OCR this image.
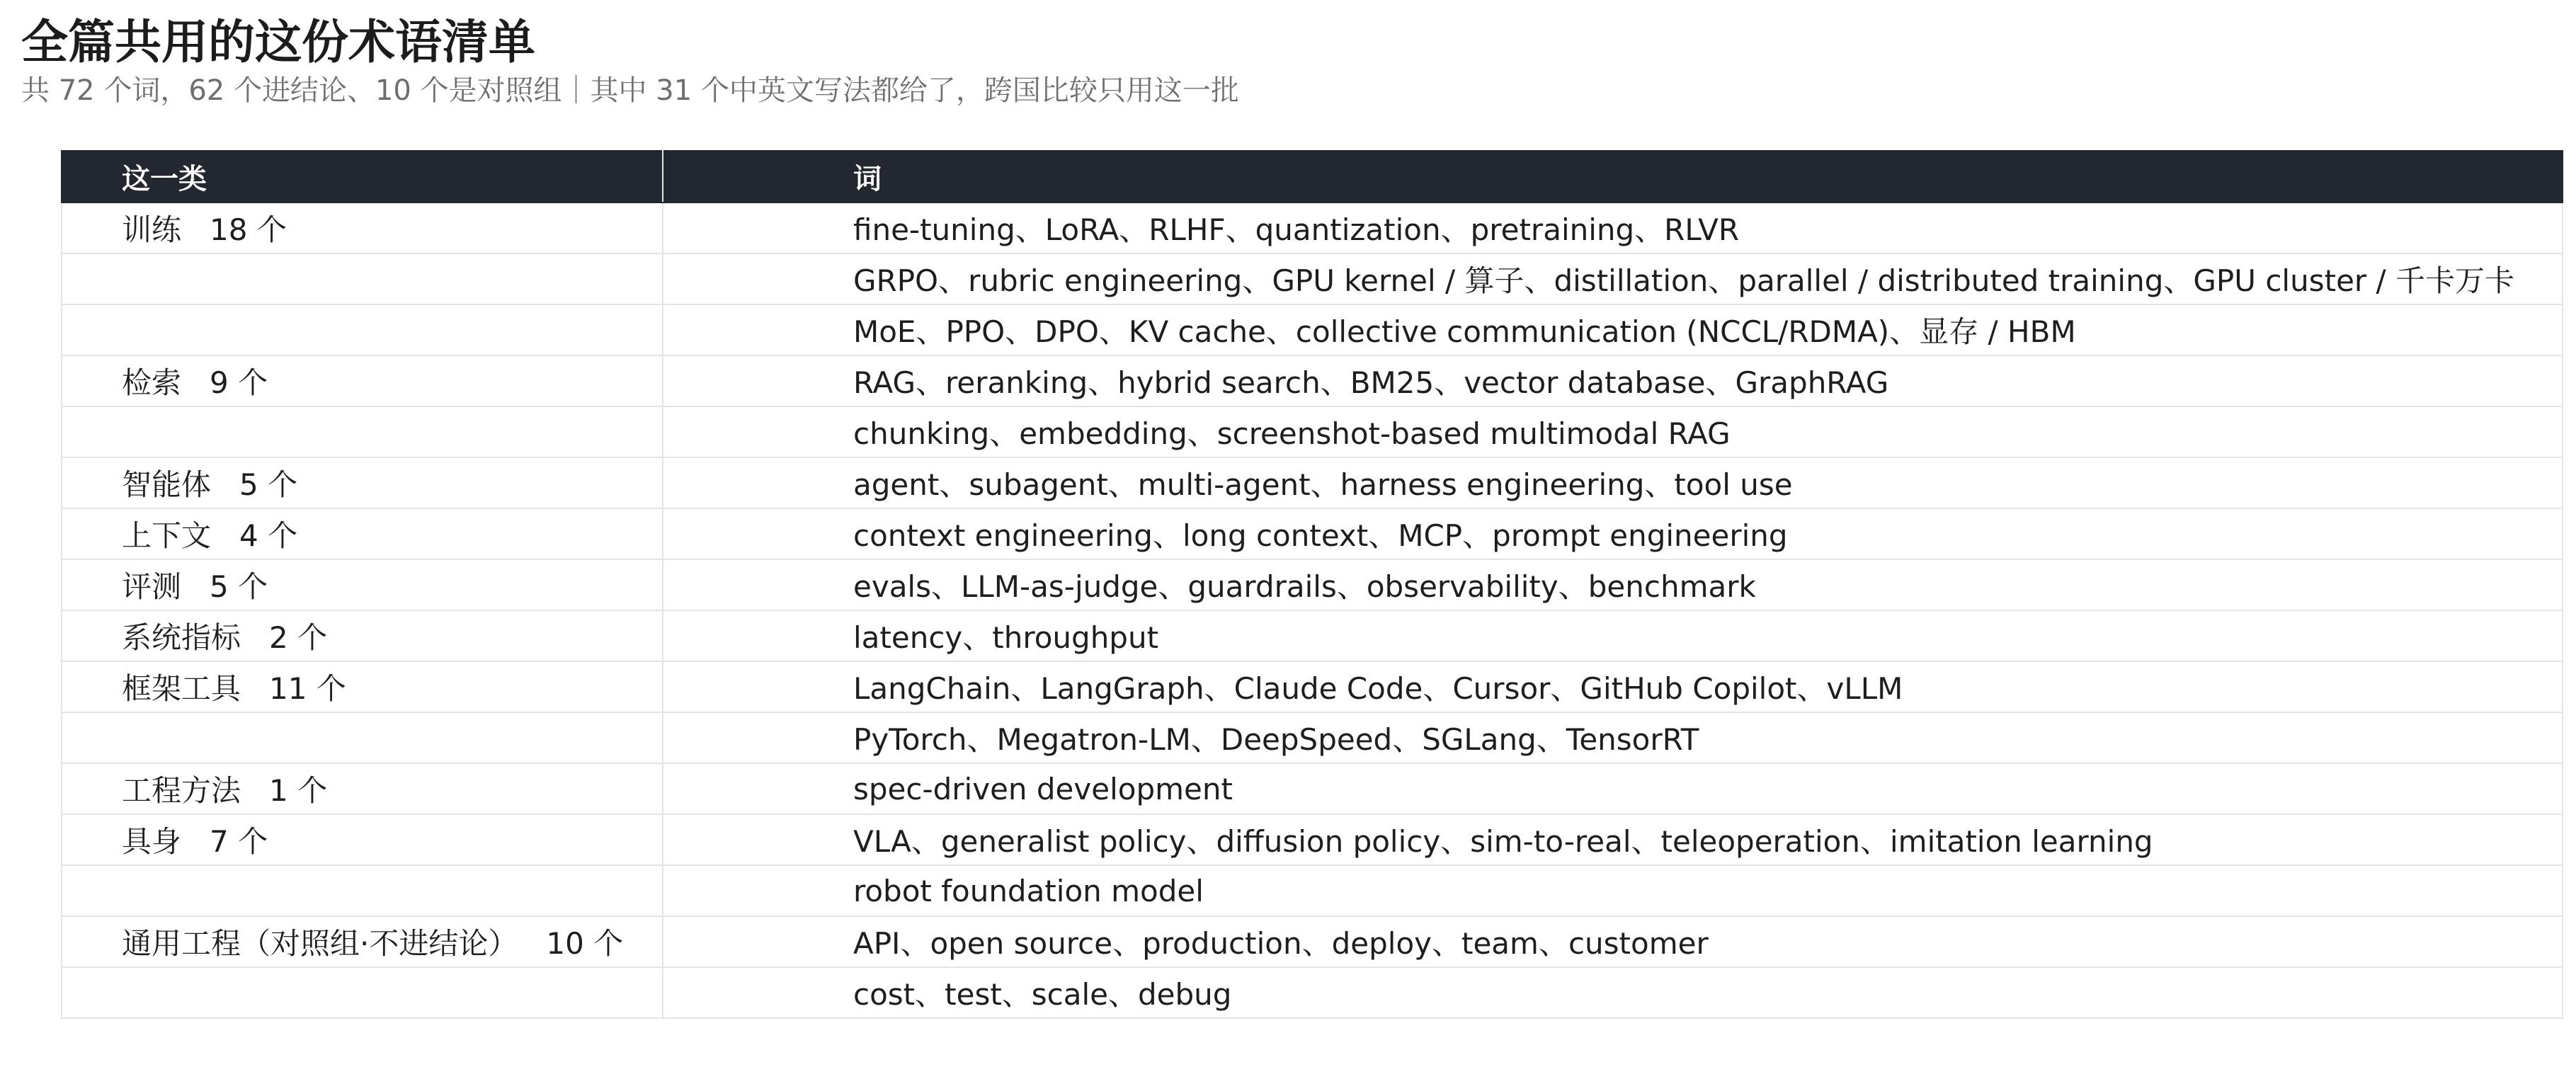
全篇共用的这份术语清单
共 72 个词，62 个进结论、10 个是对照组｜其中 31 个中英文写法都给了，跨国比较只用这一批
这一类	词
训练 18 个	ﬁne-tuning、LoRA、RLHF、quantization、pretraining、RLVR
	GRPO、rubric engineering、GPU kernel / 算子、distillation、parallel / distributed training、GPU cluster / 千卡万卡
	MoE、PPO、DPO、KV cache、collective communication (NCCL/RDMA)、显存 / HBM
检索 9 个	RAG、reranking、hybrid search、BM25、vector database、GraphRAG
	chunking、embedding、screenshot-based multimodal RAG
智能体 5 个	agent、subagent、multi-agent、harness engineering、tool use
上下文 4 个	context engineering、long context、MCP、prompt engineering
评测 5 个	evals、LLM-as-judge、guardrails、observability、benchmark
系统指标 2 个	latency、throughput
框架工具 11 个	LangChain、LangGraph、Claude Code、Cursor、GitHub Copilot、vLLM
	PyTorch、Megatron-LM、DeepSpeed、SGLang、TensorRT
工程方法 1 个	spec-driven development
具身 7 个	VLA、generalist policy、diffusion policy、sim-to-real、teleoperation、imitation learning
	robot foundation model
通用工程（对照组·不进结论） 10 个	API、open source、production、deploy、team、customer
	cost、test、scale、debug
